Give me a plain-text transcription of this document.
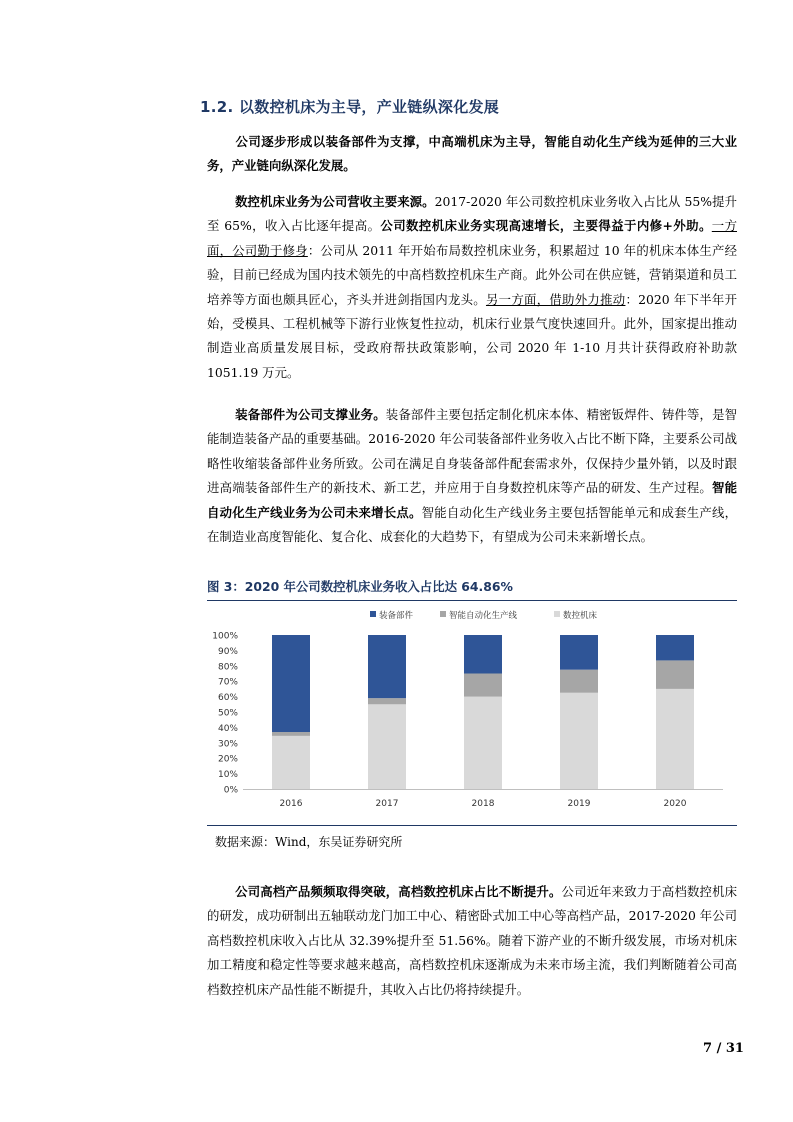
1.2. 以数控机床为主导，产业链纵深化发展
公司逐步形成以装备部件为支撑，中高端机床为主导，智能自动化生产线为延伸的三大业务，产业链向纵深化发展。
数控机床业务为公司营收主要来源。2017-2020 年公司数控机床业务收入占比从 55%提升至 65%，收入占比逐年提高。公司数控机床业务实现高速增长，主要得益于内修+外助。一方面，公司勤于修身：公司从 2011 年开始布局数控机床业务，积累超过 10 年的机床本体生产经验，目前已经成为国内技术领先的中高档数控机床生产商。此外公司在供应链，营销渠道和员工培养等方面也颇具匠心，齐头并进剑指国内龙头。另一方面，借助外力推动：2020 年下半年开始，受模具、工程机械等下游行业恢复性拉动，机床行业景气度快速回升。此外，国家提出推动制造业高质量发展目标，受政府帮扶政策影响，公司 2020 年 1-10 月共计获得政府补助款 1051.19 万元。
装备部件为公司支撑业务。装备部件主要包括定制化机床本体、精密钣焊件、铸件等，是智能制造装备产品的重要基础。2016-2020 年公司装备部件业务收入占比不断下降，主要系公司战略性收缩装备部件业务所致。公司在满足自身装备部件配套需求外，仅保持少量外销，以及时跟进高端装备部件生产的新技术、新工艺，并应用于自身数控机床等产品的研发、生产过程。智能自动化生产线业务为公司未来增长点。智能自动化生产线业务主要包括智能单元和成套生产线，在制造业高度智能化、复合化、成套化的大趋势下，有望成为公司未来新增长点。
图 3：2020 年公司数控机床业务收入占比达 64.86%
装备部件	智能自动化生产线	数控机床
0%
10%
20%
30%
40%
50%
60%
70%
80%
90%
100%
2016	2017	2018	2019	2020
数据来源：Wind，东吴证券研究所
公司高档产品频频取得突破，高档数控机床占比不断提升。公司近年来致力于高档数控机床的研发，成功研制出五轴联动龙门加工中心、精密卧式加工中心等高档产品，2017-2020 年公司高档数控机床收入占比从 32.39%提升至 51.56%。随着下游产业的不断升级发展，市场对机床加工精度和稳定性等要求越来越高，高档数控机床逐渐成为未来市场主流，我们判断随着公司高档数控机床产品性能不断提升，其收入占比仍将持续提升。
7 / 31
